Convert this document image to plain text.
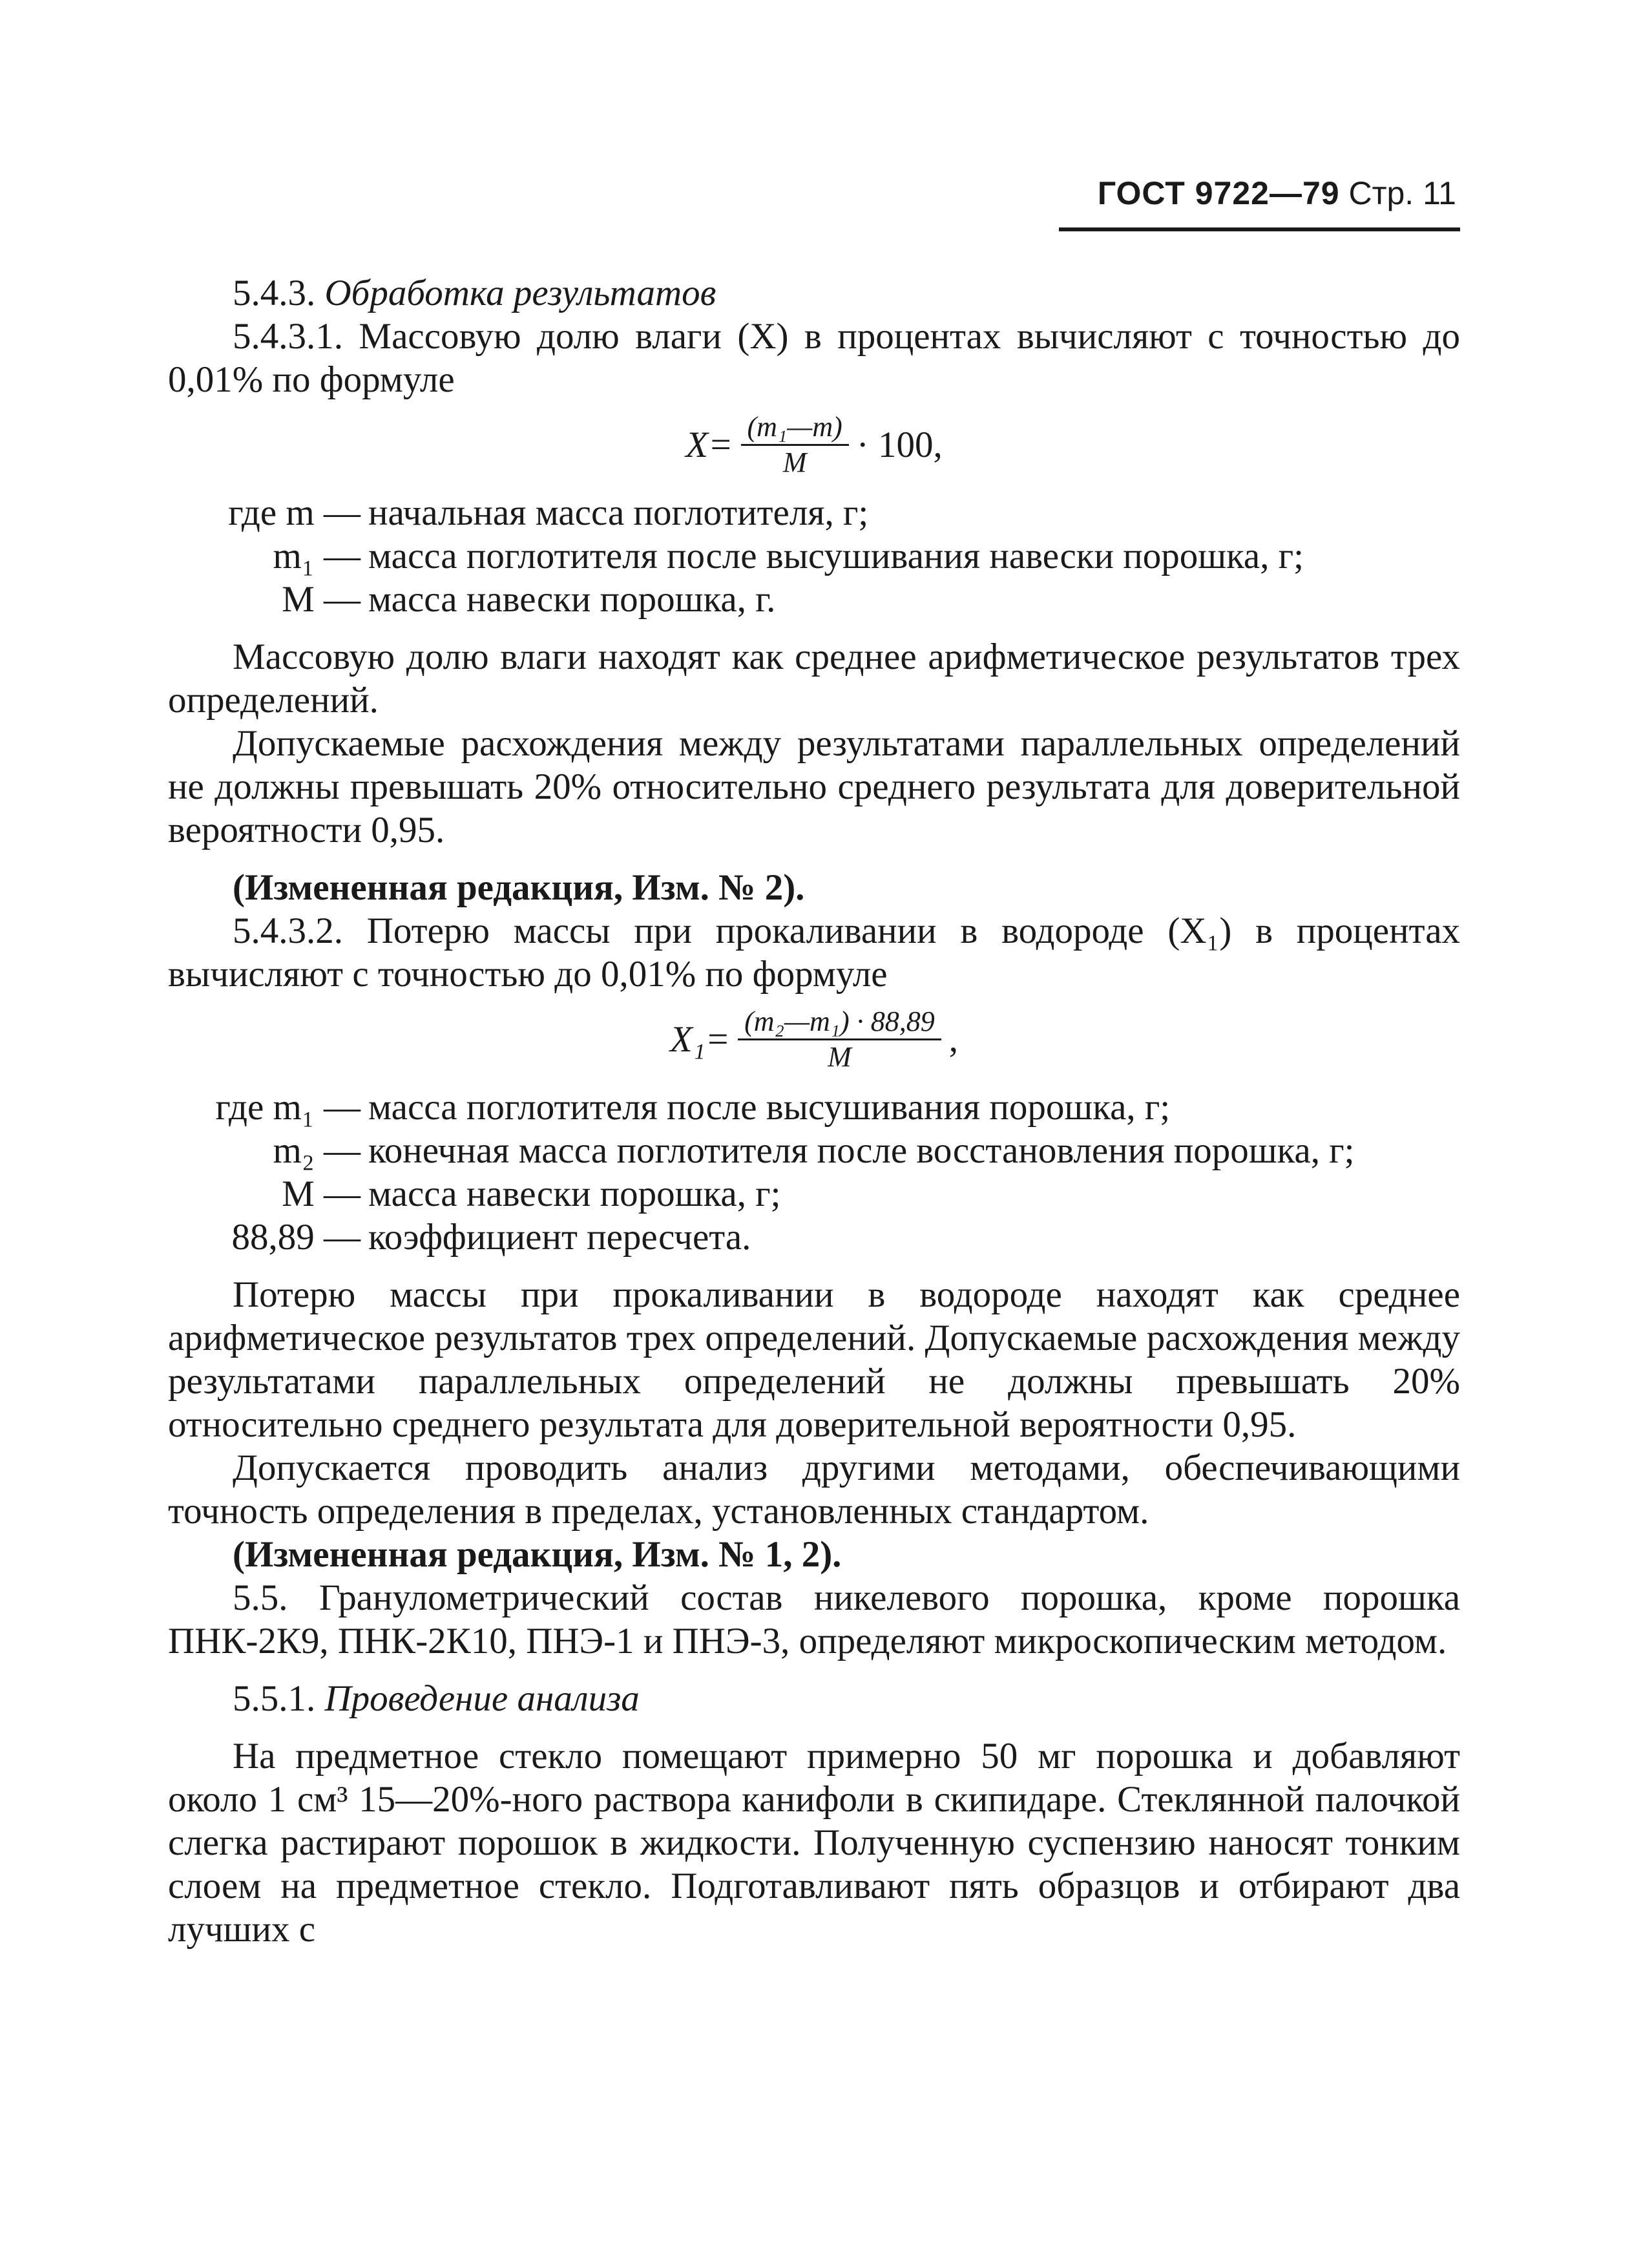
ГОСТ 9722—79 Стр. 11

5.4.3. Обработка результатов

5.4.3.1. Массовую долю влаги (X) в процентах вычисляют с точностью до 0,01% по формуле

$X= \frac{\text{(m₁—m)}}{M} \cdot 100$,
где m — начальная масса поглотителя, г;
m₁ — масса поглотителя после высушивания навески порошка, г;
M — масса навески порошка, г.

Массовую долю влаги находят как среднее арифметическое результатов трех определений.

Допускаемые расхождения между результатами параллельных определений не должны превышать 20% относительно среднего результата для доверительной вероятности 0,95.

(Измененная редакция, Изм. № 2).

5.4.3.2. Потерю массы при прокаливании в водороде (X₁) в процентах вычисляют с точностью до 0,01% по формуле

$X_1= \frac{\text{(m₂—m₁) · 88,89}}{M}$ ,
где m₁ — масса поглотителя после высушивания порошка, г;
m₂ — конечная масса поглотителя после восстановления порошка, г;
M — масса навески порошка, г;
88,89 — коэффициент пересчета.

Потерю массы при прокаливании в водороде находят как среднее арифметическое результатов трех определений. Допускаемые расхождения между результатами параллельных определений не должны превышать 20% относительно среднего результата для доверительной вероятности 0,95.

Допускается проводить анализ другими методами, обеспечивающими точность определения в пределах, установленных стандартом.

(Измененная редакция, Изм. № 1, 2).

5.5. Гранулометрический состав никелевого порошка, кроме порошка ПНК-2К9, ПНК-2К10, ПНЭ-1 и ПНЭ-3, определяют микроскопическим методом.

5.5.1. Проведение анализа

На предметное стекло помещают примерно 50 мг порошка и добавляют около 1 см³ 15—20%-ного раствора канифоли в скипидаре. Стеклянной палочкой слегка растирают порошок в жидкости. Полученную суспензию наносят тонким слоем на предметное стекло. Подготавливают пять образцов и отбирают два лучших с
